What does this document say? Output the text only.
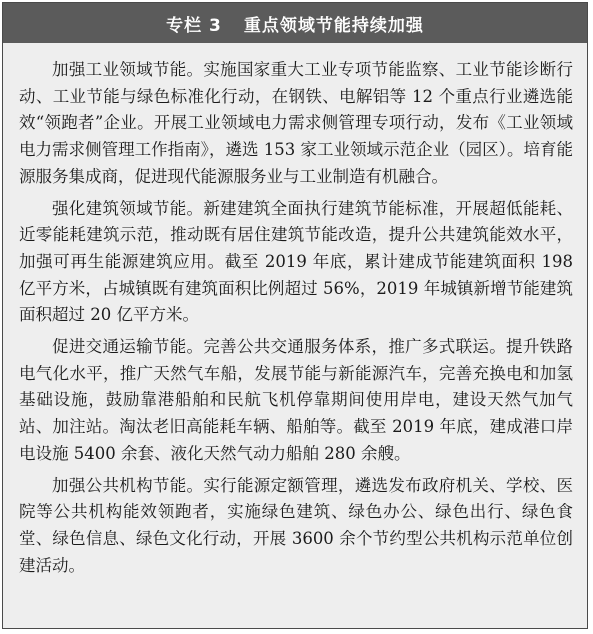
专栏 3 重点领域节能持续加强

加强工业领域节能。实施国家重大工业专项节能监察、工业节能诊断行动、工业节能与绿色标准化行动，在钢铁、电解铝等 12 个重点行业遴选能效“领跑者”企业。开展工业领域电力需求侧管理专项行动，发布《工业领域电力需求侧管理工作指南》，遴选 153 家工业领域示范企业（园区）。培育能源服务集成商，促进现代能源服务业与工业制造有机融合。

强化建筑领域节能。新建建筑全面执行建筑节能标准，开展超低能耗、近零能耗建筑示范，推动既有居住建筑节能改造，提升公共建筑能效水平，加强可再生能源建筑应用。截至 2019 年底，累计建成节能建筑面积 198 亿平方米，占城镇既有建筑面积比例超过 56%，2019 年城镇新增节能建筑面积超过 20 亿平方米。

促进交通运输节能。完善公共交通服务体系，推广多式联运。提升铁路电气化水平，推广天然气车船，发展节能与新能源汽车，完善充换电和加氢基础设施，鼓励靠港船舶和民航飞机停靠期间使用岸电，建设天然气加气站、加注站。淘汰老旧高能耗车辆、船舶等。截至 2019 年底，建成港口岸电设施 5400 余套、液化天然气动力船舶 280 余艘。

加强公共机构节能。实行能源定额管理，遴选发布政府机关、学校、医院等公共机构能效领跑者，实施绿色建筑、绿色办公、绿色出行、绿色食堂、绿色信息、绿色文化行动，开展 3600 余个节约型公共机构示范单位创建活动。
